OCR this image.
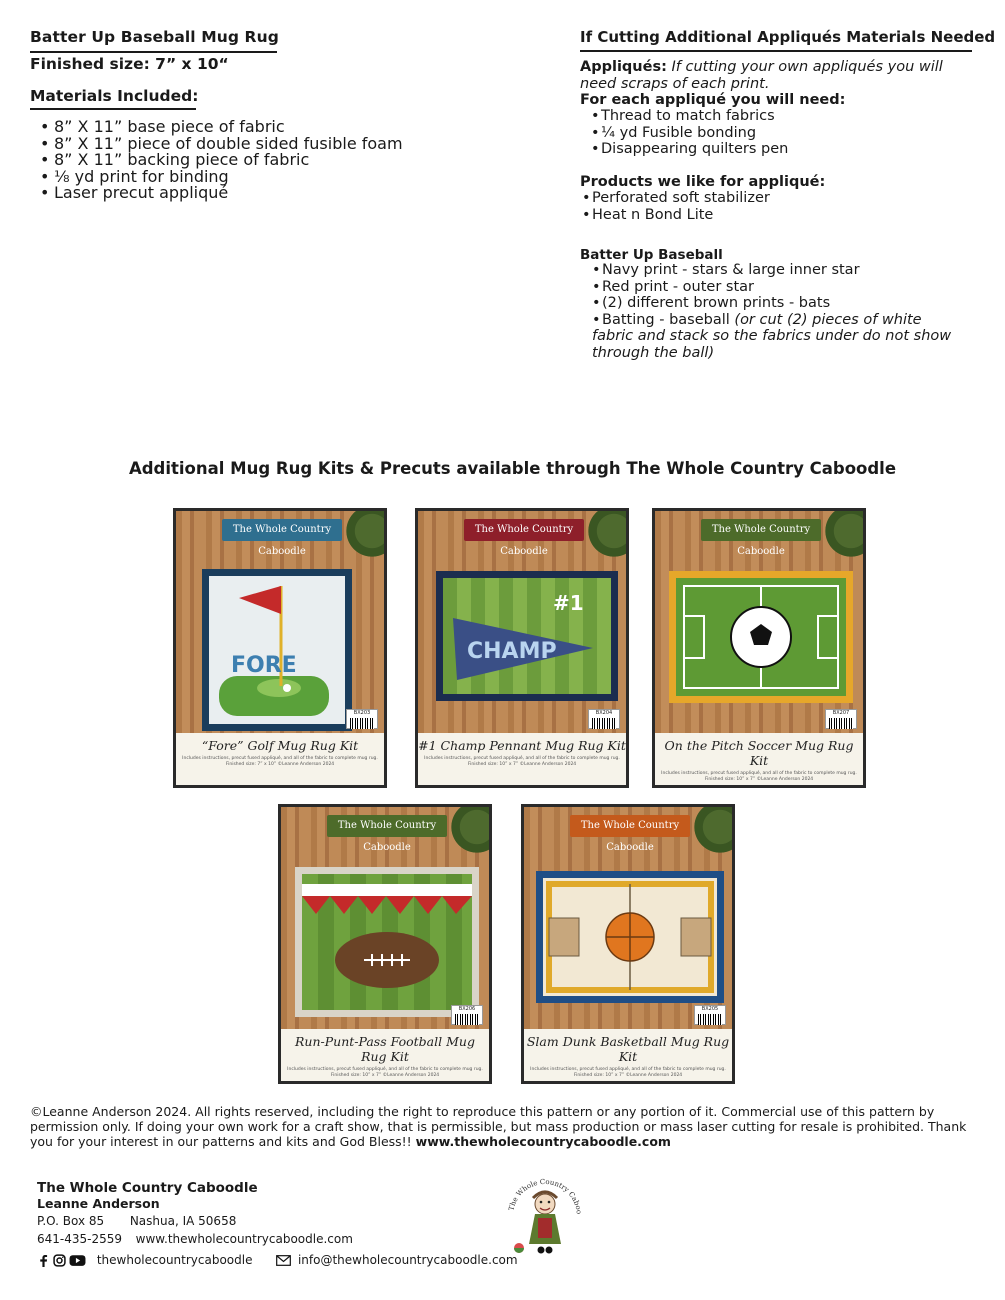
Batter Up Baseball Mug Rug
Finished size: 7” x 10“
Materials Included:
• 8” X 11” base piece of fabric
• 8” X 11” piece of double sided fusible foam
• 8” X 11” backing piece of fabric
• ⅛ yd print for binding
• Laser precut appliqué
If Cutting Additional Appliqués Materials Needed
Appliqués: If cutting your own appliqués you will need scraps of each print.
For each appliqué you will need:
• Thread to match fabrics
• ¼ yd Fusible bonding
• Disappearing quilters pen
Products we like for appliqué:
• Perforated soft stabilizer
• Heat n Bond Lite
Batter Up Baseball
• Navy print - stars & large inner star
• Red print - outer star
• (2) different brown prints - bats
• Batting - baseball (or cut (2) pieces of white fabric and stack so the fabrics under do not show through the ball)
Additional Mug Rug Kits & Precuts available through The Whole Country Caboodle
The Whole Country Caboodle
FORE
BX203
“Fore” Golf Mug Rug Kit
Includes instructions, precut fused appliqué, and all of the fabric to complete mug rug.
Finished size: 7” x 10” ©Leanne Anderson 2024
The Whole Country Caboodle
CHAMP
#1
BX204
#1 Champ Pennant Mug Rug Kit
Includes instructions, precut fused appliqué, and all of the fabric to complete mug rug.
Finished size: 10” x 7” ©Leanne Anderson 2024
The Whole Country Caboodle
BX207
On the Pitch Soccer Mug Rug Kit
Includes instructions, precut fused appliqué, and all of the fabric to complete mug rug.
Finished size: 10” x 7” ©Leanne Anderson 2024
The Whole Country Caboodle
BX206
Run-Punt-Pass Football Mug Rug Kit
Includes instructions, precut fused appliqué, and all of the fabric to complete mug rug.
Finished size: 10” x 7” ©Leanne Anderson 2024
The Whole Country Caboodle
BX205
Slam Dunk Basketball Mug Rug Kit
Includes instructions, precut fused appliqué, and all of the fabric to complete mug rug.
Finished size: 10” x 7” ©Leanne Anderson 2024
©Leanne Anderson 2024. All rights reserved, including the right to reproduce this pattern or any portion of it. Commercial use of this pattern by permission only. If doing your own work for a craft show, that is permissible, but mass production or mass laser cutting for resale is prohibited. Thank you for your interest in our patterns and kits and God Bless!! www.thewholecountrycaboodle.com
The Whole Country Caboodle
Leanne Anderson
P.O. Box 85 Nashua, IA 50658
641-435-2559 www.thewholecountrycaboodle.com
thewholecountrycaboodle	info@thewholecountrycaboodle.com
The Whole Country Caboo
